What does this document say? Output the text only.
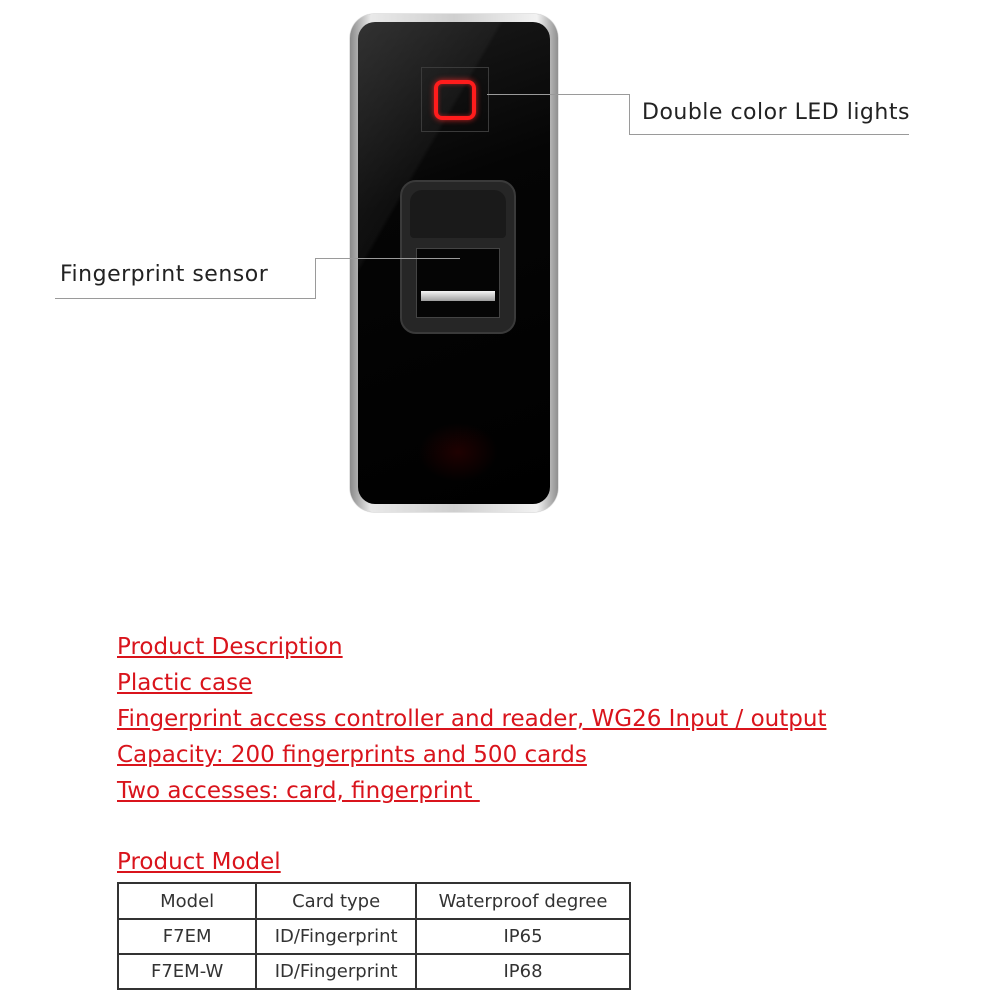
Double color LED lights
Fingerprint sensor
Product Description
Plactic case
Fingerprint access controller and reader, WG26 Input / output
Capacity: 200 fingerprints and 500 cards
Two accesses: card, fingerprint
Product Model
Model	Card type	Waterproof degree
F7EM	ID/Fingerprint	IP65
F7EM-W	ID/Fingerprint	IP68
